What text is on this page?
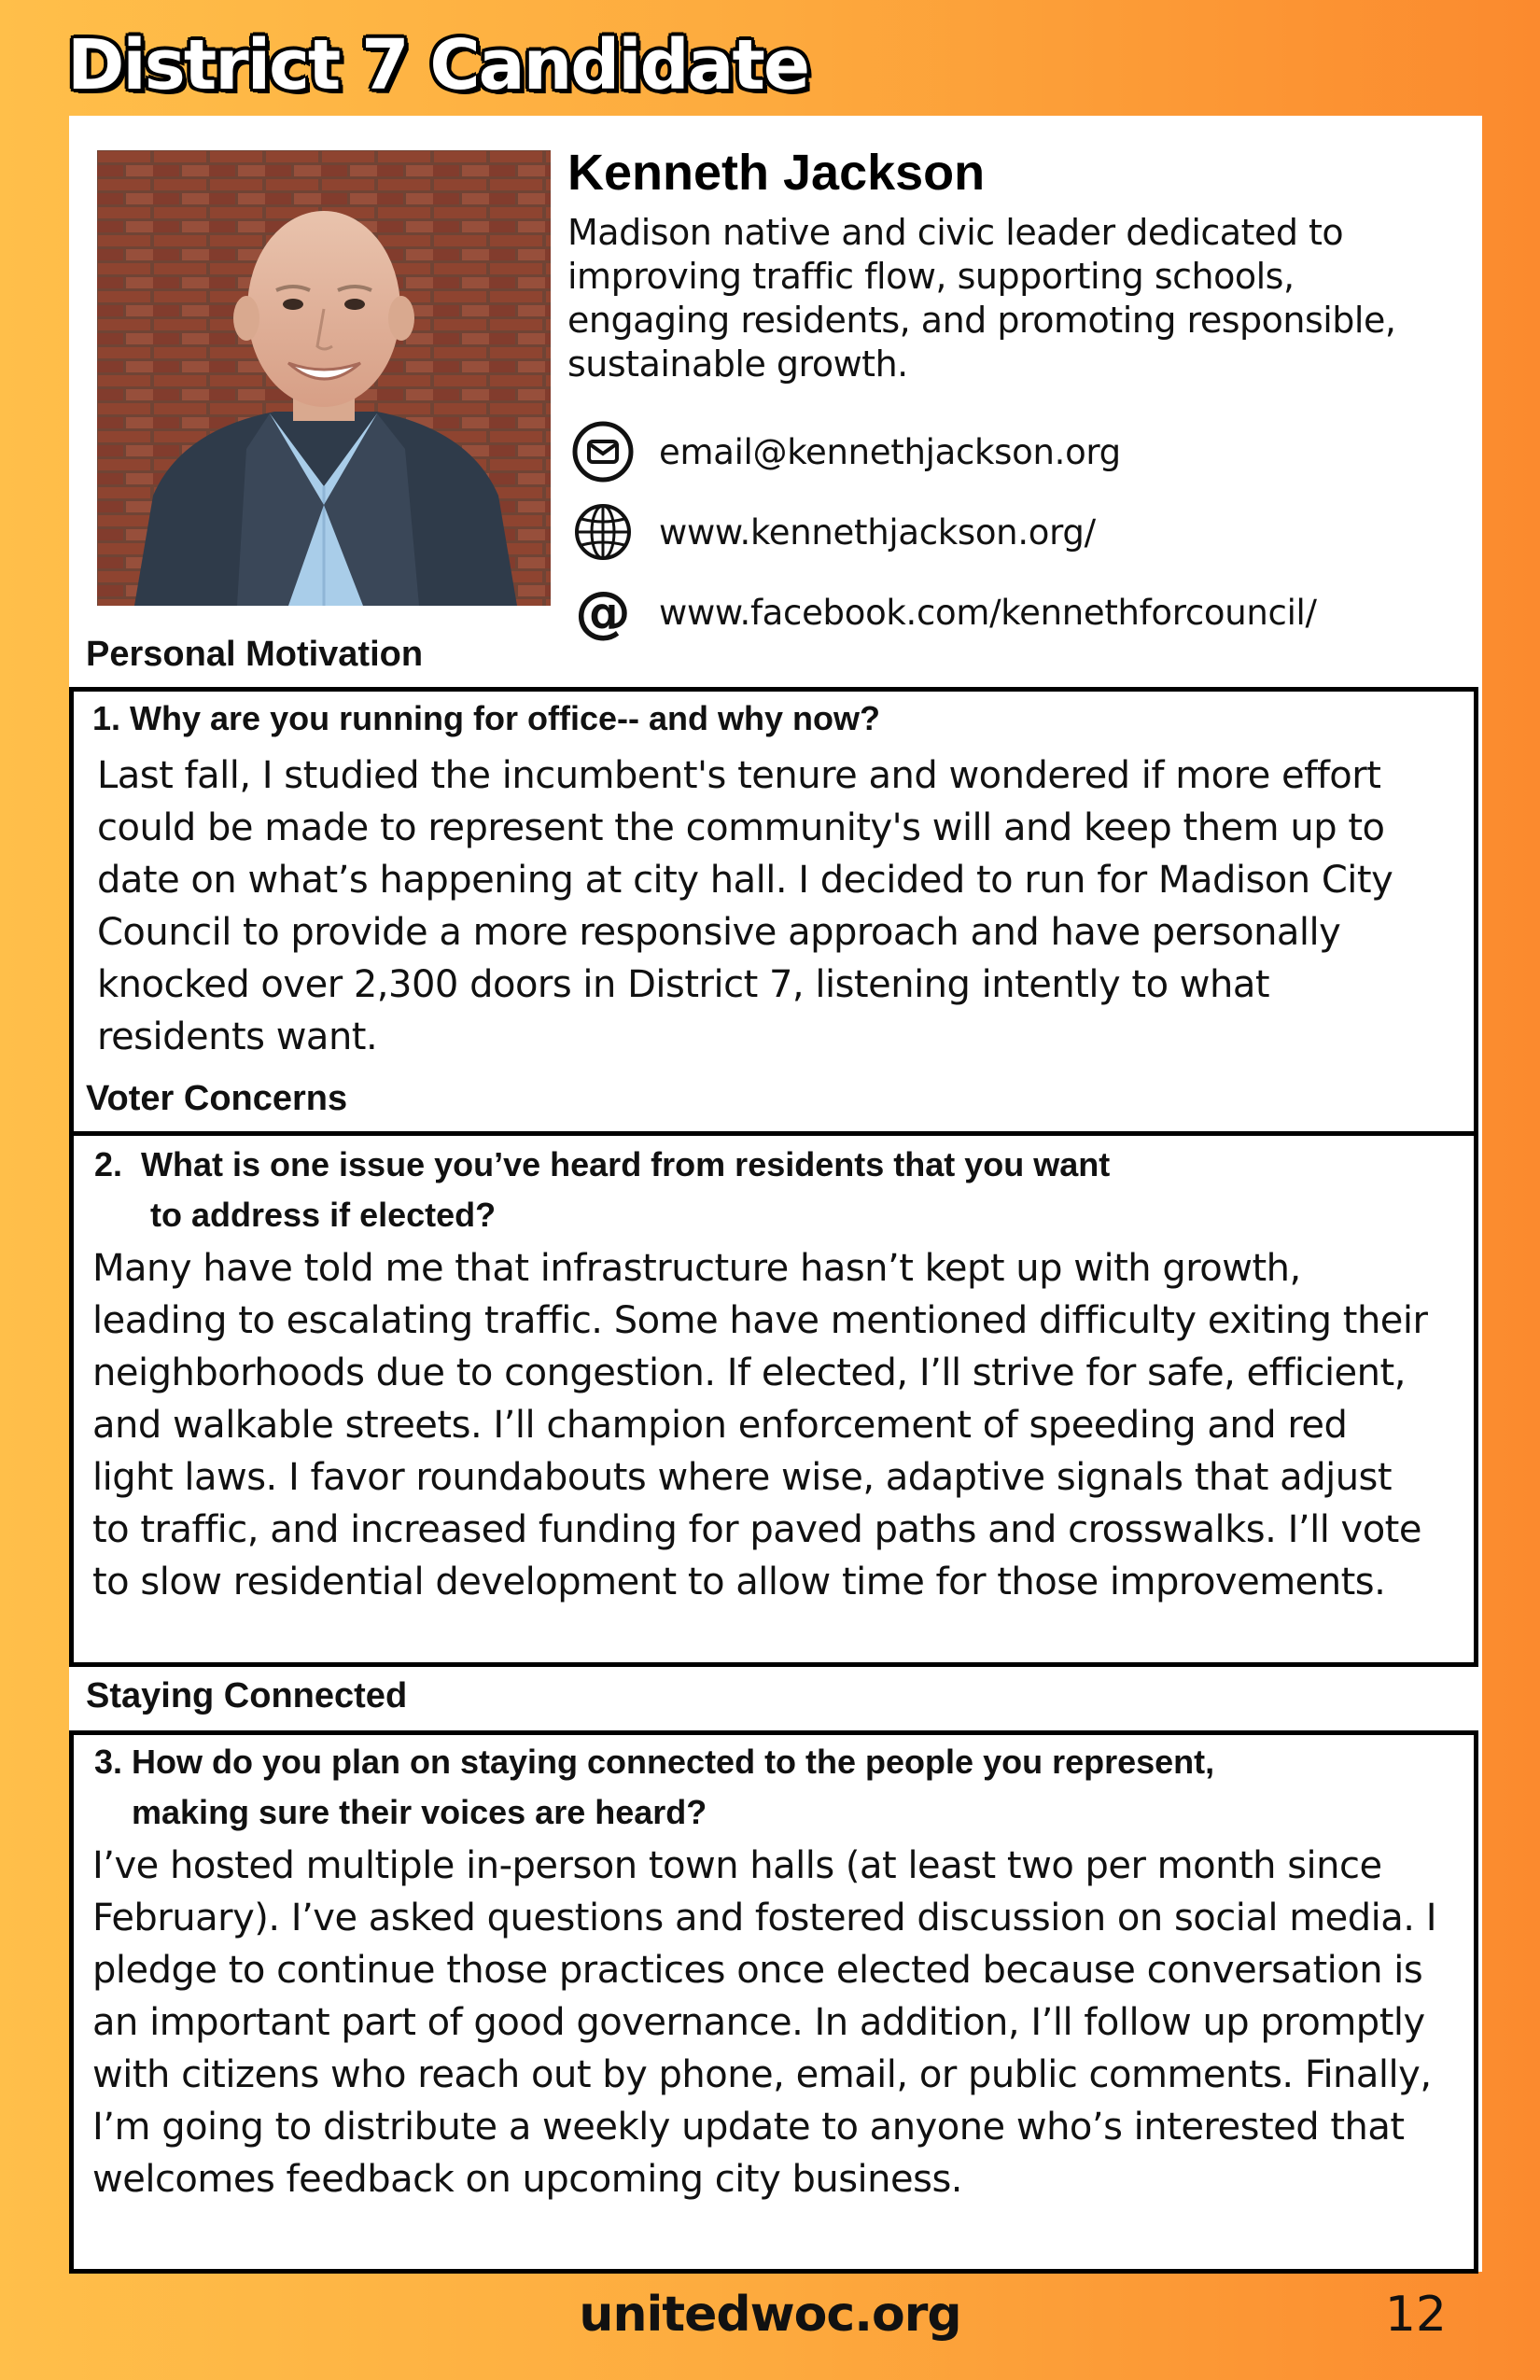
District 7 Candidate
Kenneth Jackson

Madison native and civic leader dedicated to
improving traffic flow, supporting schools,
engaging residents, and promoting responsible,
sustainable growth.

email@kennethjackson.org
www.kennethjackson.org/
@ www.facebook.com/kennethforcouncil/
Personal Motivation

1. Why are you running for office-- and why now?

Last fall, I studied the incumbent's tenure and wondered if more effort
could be made to represent the community's will and keep them up to
date on what’s happening at city hall. I decided to run for Madison City
Council to provide a more responsive approach and have personally
knocked over 2,300 doors in District 7, listening intently to what
residents want.

Voter Concerns

2.  What is one issue you’ve heard from residents that you want
to address if elected?

Many have told me that infrastructure hasn’t kept up with growth,
leading to escalating traffic. Some have mentioned difficulty exiting their
neighborhoods due to congestion. If elected, I’ll strive for safe, efficient,
and walkable streets. I’ll champion enforcement of speeding and red
light laws. I favor roundabouts where wise, adaptive signals that adjust
to traffic, and increased funding for paved paths and crosswalks. I’ll vote
to slow residential development to allow time for those improvements.

Staying Connected

3. How do you plan on staying connected to the people you represent,
making sure their voices are heard?

I’ve hosted multiple in-person town halls (at least two per month since
February). I’ve asked questions and fostered discussion on social media. I
pledge to continue those practices once elected because conversation is
an important part of good governance. In addition, I’ll follow up promptly
with citizens who reach out by phone, email, or public comments. Finally,
I’m going to distribute a weekly update to anyone who’s interested that
welcomes feedback on upcoming city business.

unitedwoc.org	12
